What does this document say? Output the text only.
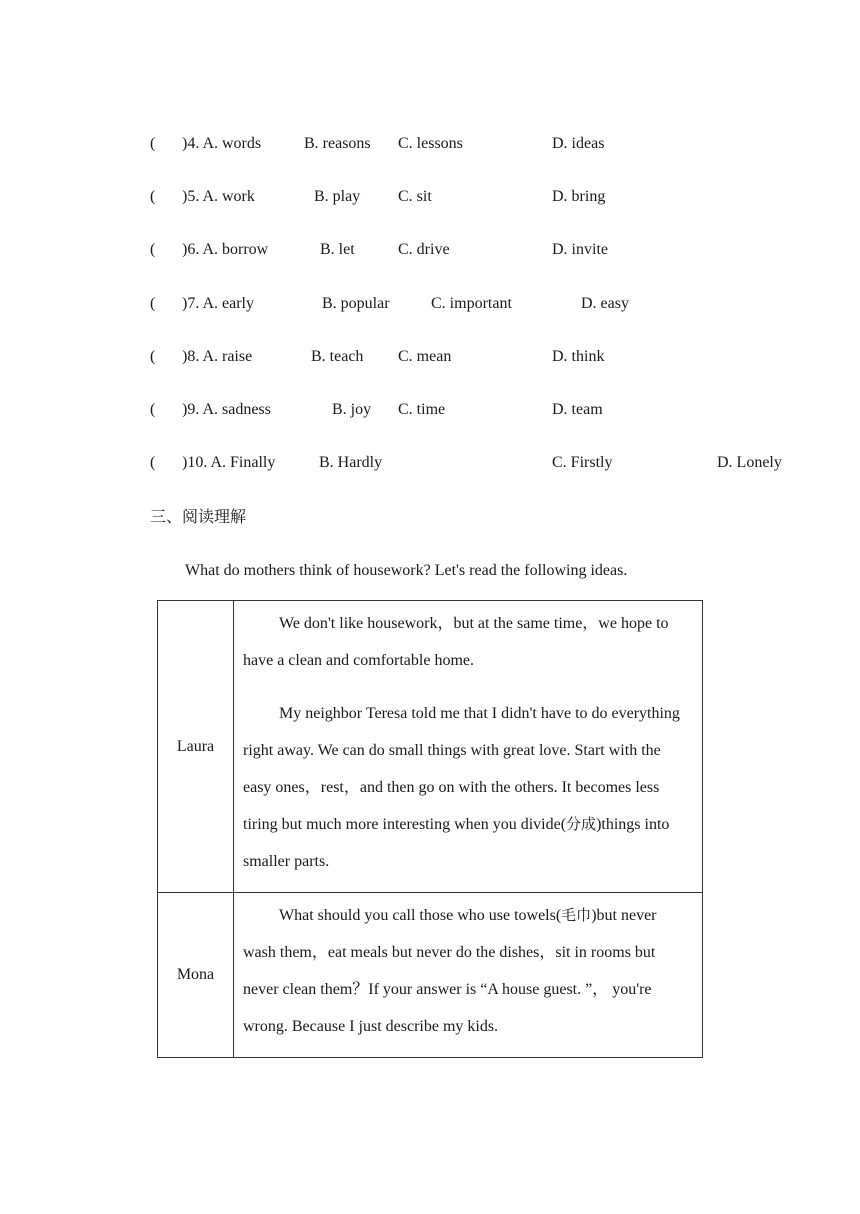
( )4. A. words	B. reasons C. lessons	D. ideas
( )5. A. work	B. play C. sit	D. bring
( )6. A. borrow	B. let	C. drive	D. invite
( )7. A. early	B. popular	C. important	D. easy
( )8. A. raise	B. teach C. mean	D. think
( )9. A. sadness	B. joy C. time	D. team
( )10. A. Finally	B. Hardly	C. Firstly	D. Lonely
三、阅读理解
What do mothers think of housework? Let's read the following ideas.
Laura	We don't like housework，but at the same time，we hope to have a clean and comfortable home.

My neighbor Teresa told me that I didn't have to do everything right away. We can do small things with great love. Start with the easy ones，rest，and then go on with the others. It becomes less tiring but much more interesting when you divide(分成)things into smaller parts.

Mona	What should you call those who use towels(毛巾)but never wash them，eat meals but never do the dishes，sit in rooms but never clean them？If your answer is “A house guest. ”， you're wrong. Because I just describe my kids.
